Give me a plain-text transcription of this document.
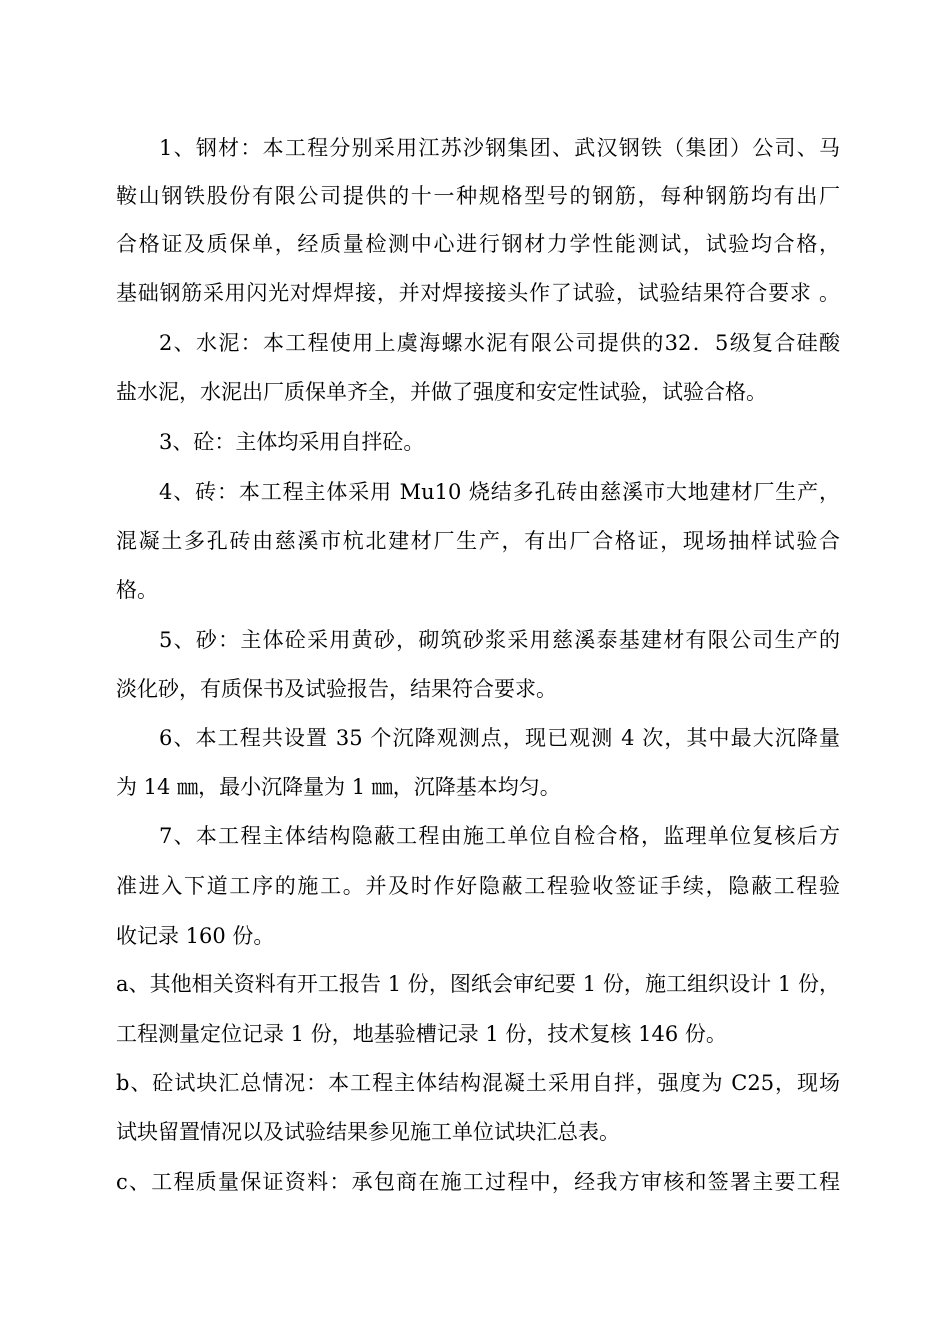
1、钢材：本工程分别采用江苏沙钢集团、武汉钢铁（集团）公司、马
鞍山钢铁股份有限公司提供的十一种规格型号的钢筋，每种钢筋均有出厂
合格证及质保单，经质量检测中心进行钢材力学性能测试，试验均合格，
基础钢筋采用闪光对焊焊接，并对焊接接头作了试验，试验结果符合要求 。
2、水泥：本工程使用上虞海螺水泥有限公司提供的32．5级复合硅酸
盐水泥，水泥出厂质保单齐全，并做了强度和安定性试验，试验合格。
3、砼：主体均采用自拌砼。
4、砖：本工程主体采用 Mu10 烧结多孔砖由慈溪市大地建材厂生产，
混凝土多孔砖由慈溪市杭北建材厂生产，有出厂合格证，现场抽样试验合
格。
5、砂：主体砼采用黄砂，砌筑砂浆采用慈溪泰基建材有限公司生产的
淡化砂，有质保书及试验报告，结果符合要求。
6、本工程共设置 35 个沉降观测点，现已观测 4 次，其中最大沉降量
为 14 ㎜，最小沉降量为 1 ㎜，沉降基本均匀。
7、本工程主体结构隐蔽工程由施工单位自检合格，监理单位复核后方
准进入下道工序的施工。并及时作好隐蔽工程验收签证手续，隐蔽工程验
收记录 160 份。
a、其他相关资料有开工报告 1 份，图纸会审纪要 1 份，施工组织设计 1 份，
工程测量定位记录 1 份，地基验槽记录 1 份，技术复核 146 份。
b、砼试块汇总情况：本工程主体结构混凝土采用自拌，强度为 C25，现场
试块留置情况以及试验结果参见施工单位试块汇总表。
c、工程质量保证资料：承包商在施工过程中，经我方审核和签署主要工程
